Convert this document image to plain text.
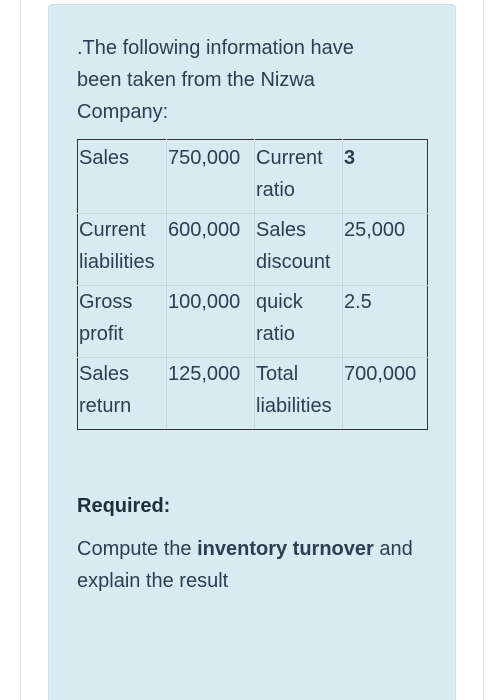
.The following information have
been taken from the Nizwa
Company:

Sales	750,000	Current ratio	3
Current liabilities	600,000	Sales discount	25,000
Gross profit	100,000	quick ratio	2.5
Sales return	125,000	Total liabilities	700,000

Required:

Compute the inventory turnover and explain the result
